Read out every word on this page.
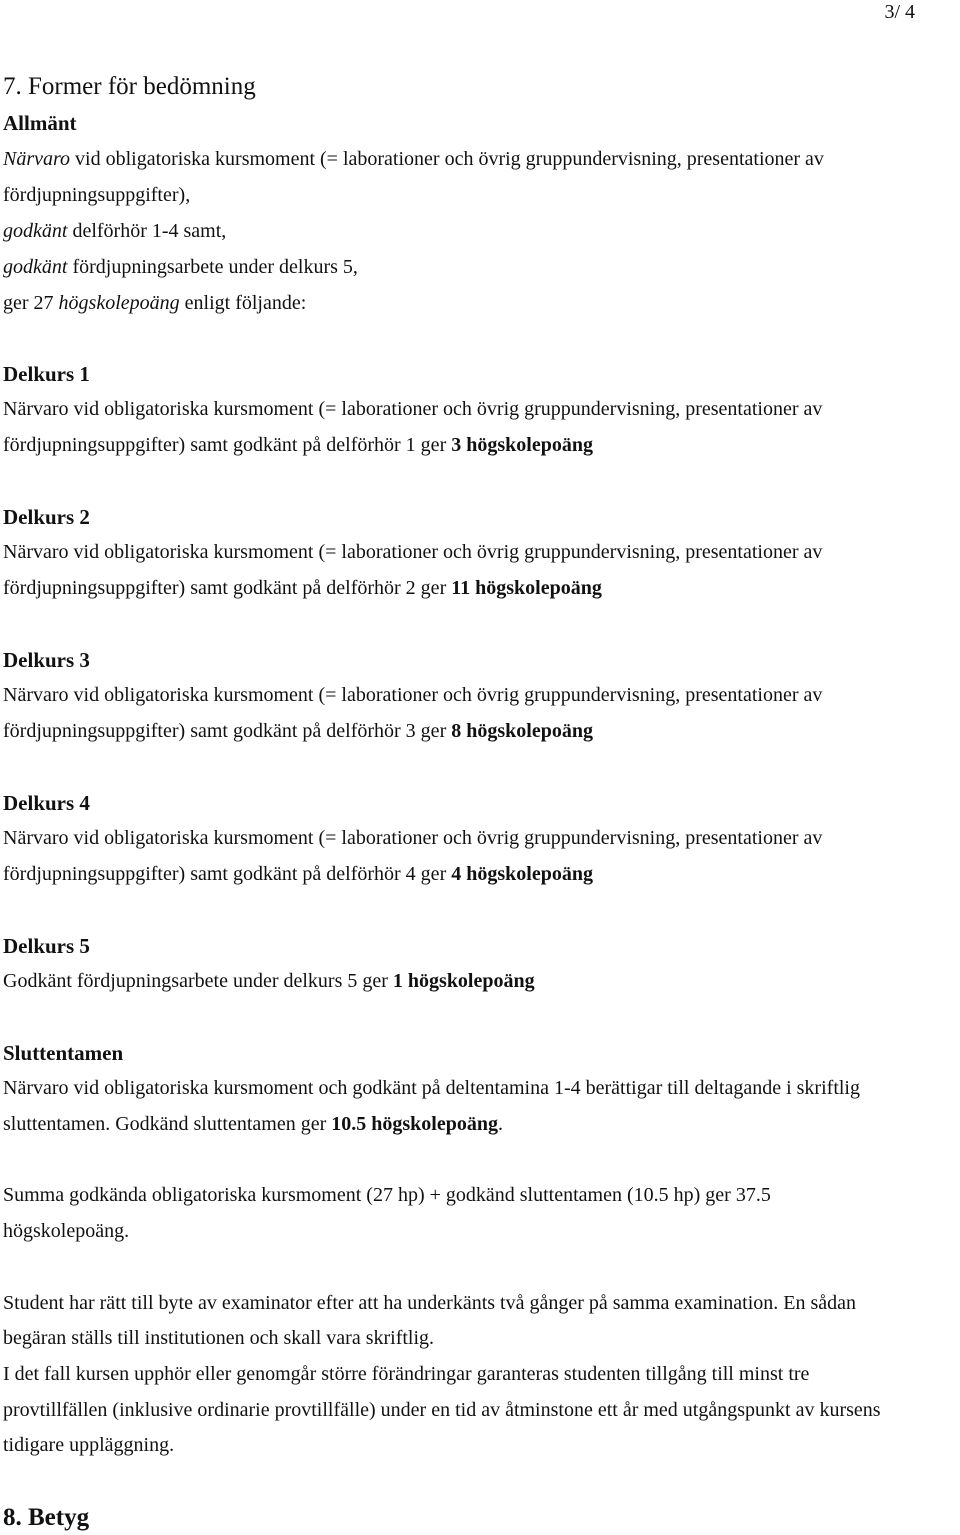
3/ 4
7. Former för bedömning
Allmänt
Närvaro vid obligatoriska kursmoment (= laborationer och övrig gruppundervisning, presentationer av
fördjupningsuppgifter),
godkänt delförhör 1-4 samt,
godkänt fördjupningsarbete under delkurs 5,
ger 27 högskolepoäng enligt följande:
Delkurs 1
Närvaro vid obligatoriska kursmoment (= laborationer och övrig gruppundervisning, presentationer av
fördjupningsuppgifter) samt godkänt på delförhör 1 ger 3 högskolepoäng
Delkurs 2
Närvaro vid obligatoriska kursmoment (= laborationer och övrig gruppundervisning, presentationer av
fördjupningsuppgifter) samt godkänt på delförhör 2 ger 11 högskolepoäng
Delkurs 3
Närvaro vid obligatoriska kursmoment (= laborationer och övrig gruppundervisning, presentationer av
fördjupningsuppgifter) samt godkänt på delförhör 3 ger 8 högskolepoäng
Delkurs 4
Närvaro vid obligatoriska kursmoment (= laborationer och övrig gruppundervisning, presentationer av
fördjupningsuppgifter) samt godkänt på delförhör 4 ger 4 högskolepoäng
Delkurs 5
Godkänt fördjupningsarbete under delkurs 5 ger 1 högskolepoäng
Sluttentamen
Närvaro vid obligatoriska kursmoment och godkänt på deltentamina 1-4 berättigar till deltagande i skriftlig
sluttentamen. Godkänd sluttentamen ger 10.5 högskolepoäng.
Summa godkända obligatoriska kursmoment (27 hp) + godkänd sluttentamen (10.5 hp) ger 37.5
högskolepoäng.
Student har rätt till byte av examinator efter att ha underkänts två gånger på samma examination. En sådan
begäran ställs till institutionen och skall vara skriftlig.
I det fall kursen upphör eller genomgår större förändringar garanteras studenten tillgång till minst tre
provtillfällen (inklusive ordinarie provtillfälle) under en tid av åtminstone ett år med utgångspunkt av kursens
tidigare uppläggning.
8. Betyg
